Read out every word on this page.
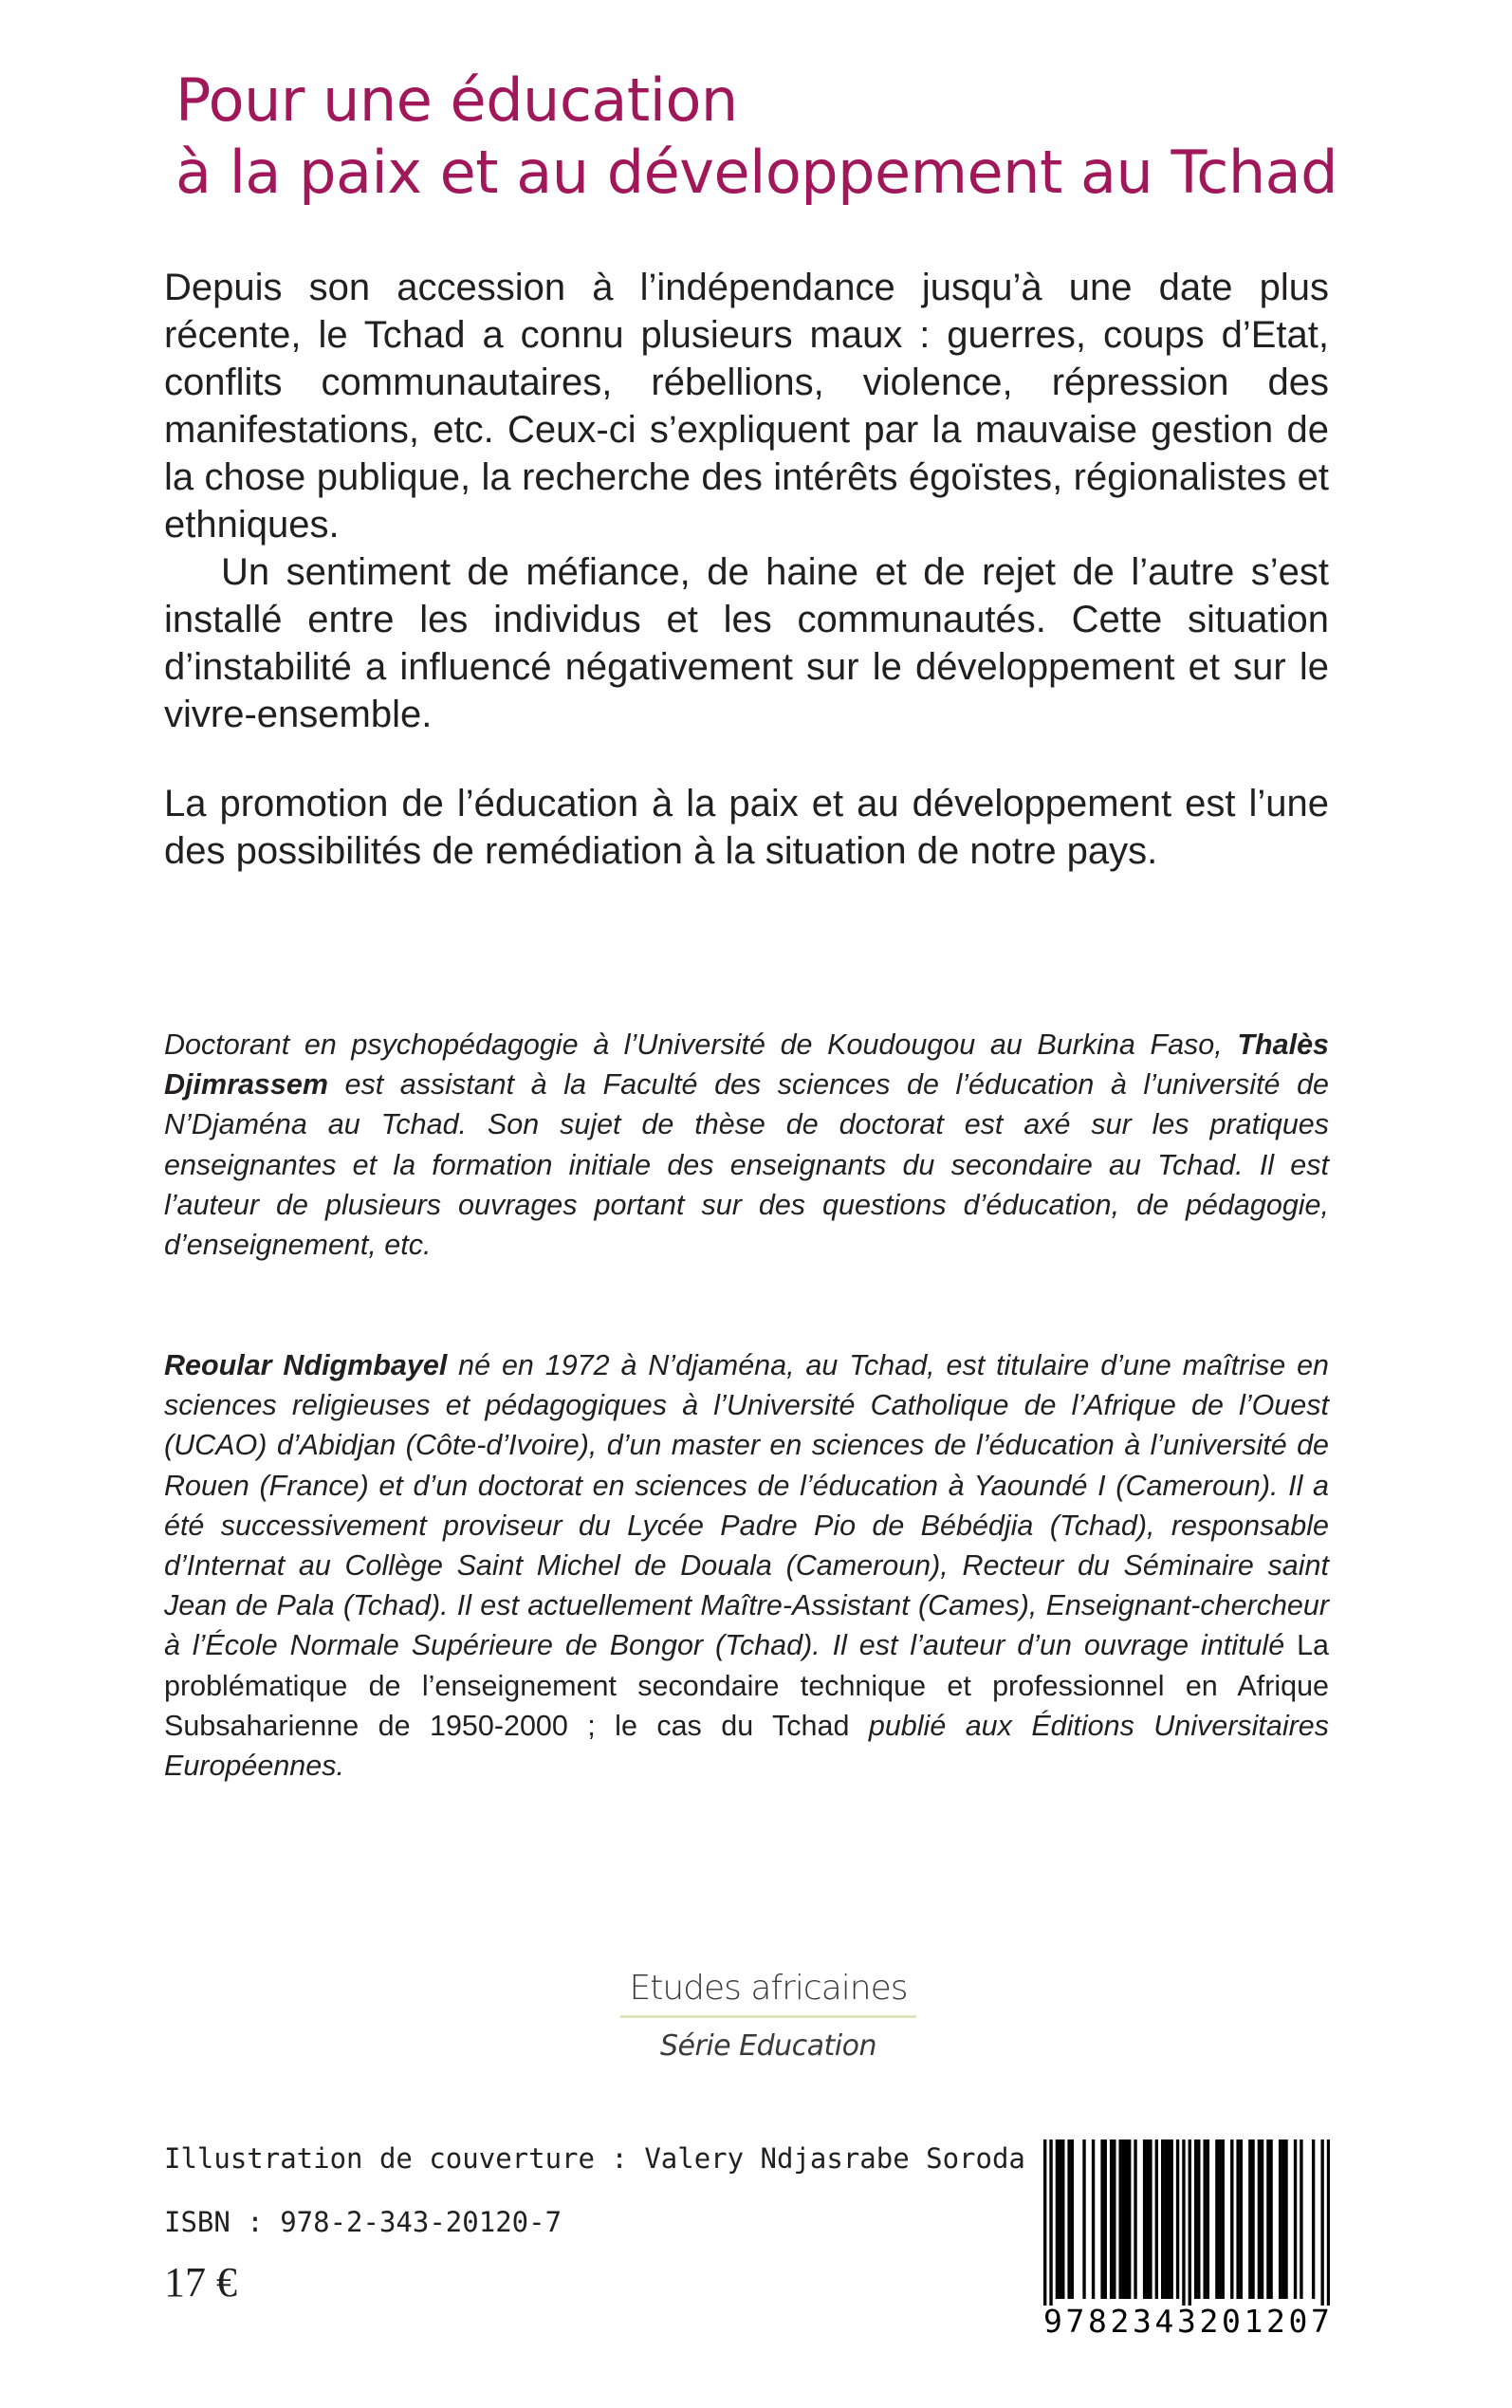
Pour une éducation
à la paix et au développement au Tchad

Depuis son accession à l’indépendance jusqu’à une date plus récente, le Tchad a connu plusieurs maux : guerres, coups d’Etat, conflits communautaires, rébellions, violence, répression des manifestations, etc. Ceux-ci s’expliquent par la mauvaise gestion de la chose publique, la recherche des intérêts égoïstes, régionalistes et ethniques.

Un sentiment de méfiance, de haine et de rejet de l’autre s’est installé entre les individus et les communautés. Cette situation d’instabilité a influencé négativement sur le développement et sur le vivre-ensemble.

La promotion de l’éducation à la paix et au développement est l’une des possibilités de remédiation à la situation de notre pays.

Doctorant en psychopédagogie à l’Université de Koudougou au Burkina Faso, Thalès Djimrassem est assistant à la Faculté des sciences de l’éducation à l’université de N’Djaména au Tchad. Son sujet de thèse de doctorat est axé sur les pratiques enseignantes et la formation initiale des enseignants du secondaire au Tchad. Il est l’auteur de plusieurs ouvrages portant sur des questions d’éducation, de pédagogie, d’enseignement, etc.

Reoular Ndigmbayel né en 1972 à N’djaména, au Tchad, est titulaire d’une maîtrise en sciences religieuses et pédagogiques à l’Université Catholique de l’Afrique de l’Ouest (UCAO) d’Abidjan (Côte-d’Ivoire), d’un master en sciences de l’éducation à l’université de Rouen (France) et d’un doctorat en sciences de l’éducation à Yaoundé I (Cameroun). Il a été successivement proviseur du Lycée Padre Pio de Bébédjia (Tchad), responsable d’Internat au Collège Saint Michel de Douala (Cameroun), Recteur du Séminaire saint Jean de Pala (Tchad). Il est actuellement Maître-Assistant (Cames), Enseignant-chercheur à l’École Normale Supérieure de Bongor (Tchad). Il est l’auteur d’un ouvrage intitulé La problématique de l’enseignement secondaire technique et professionnel en Afrique Subsaharienne de 1950-2000 ; le cas du Tchad publié aux Éditions Universitaires Européennes.

Etudes africaines
Série Education
Illustration de couverture : Valery Ndjasrabe Soroda
ISBN : 978-2-343-20120-7
17 €
9 7 8 2 3 4 3 2 0 1 2 0 7
